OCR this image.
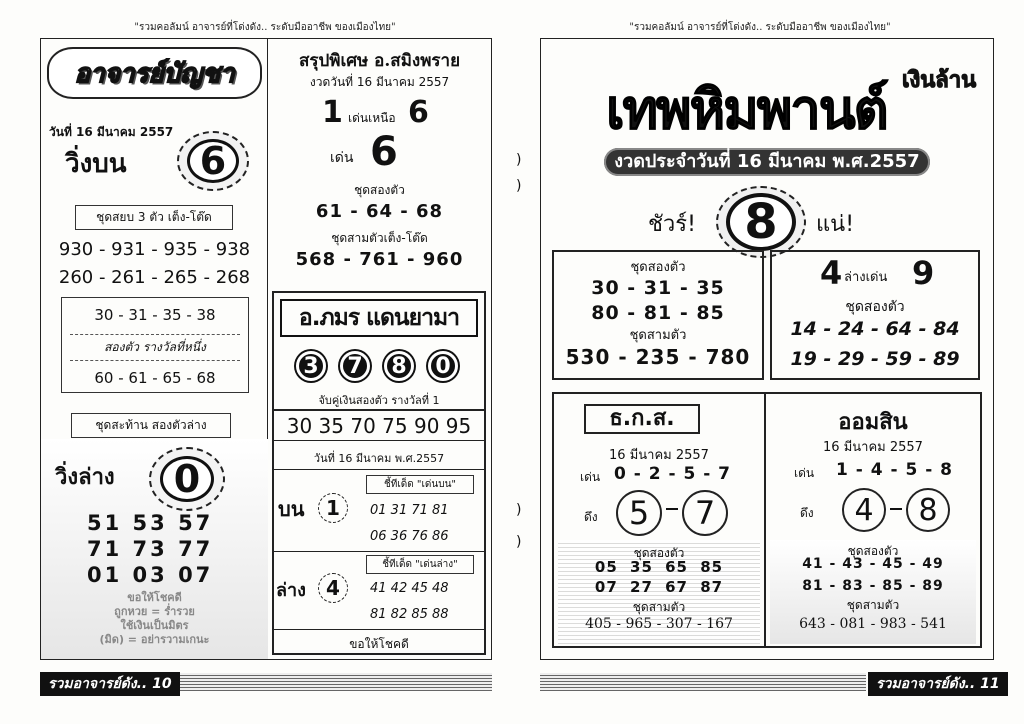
"รวมคอลัมน์ อาจารย์ที่โด่งดัง.. ระดับมืออาชีพ ของเมืองไทย"
อาจารย์บัญชา
วันที่ 16 มีนาคม 2557
วิ่งบน 6
ชุดสยบ 3 ตัว เต็ง-โต๊ด
930 - 931 - 935 - 938
260 - 261 - 265 - 268
30 - 31 - 35 - 38
สองตัว รางวัลที่หนึ่ง
60 - 61 - 65 - 68
ชุดสะท้าน สองตัวล่าง
วิ่งล่าง 0
51 53 57
71 73 77
01 03 07
ขอให้โชคดี
ถูกหวย = ร่ำรวย
ใช้เงินเป็นมิตร
(มิด) = อย่ารวามเกนะ
สรุปพิเศษ อ.สมิงพราย
งวดวันที่ 16 มีนาคม 2557
1 เด่นเหนือ 6
เด่น 6
ชุดสองตัว
61 - 64 - 68
ชุดสามตัวเต็ง-โต๊ด
568 - 761 - 960
อ.ภมร แดนยามา
3	7	8	0
จับคู่เงินสองตัว รางวัลที่ 1
30 35 70 75 90 95
วันที่ 16 มีนาคม พ.ศ.2557
บน 1
ชี้ทีเด็ด "เด่นบน"
01 31 71 81
06 36 76 86
ล่าง 4
ชี้ทีเด็ด "เด่นล่าง"
41 42 45 48
81 82 85 88
ขอให้โชคดี
รวมอาจารย์ดัง.. 10
)
)
)
)
"รวมคอลัมน์ อาจารย์ที่โด่งดัง.. ระดับมืออาชีพ ของเมืองไทย"
เงินล้าน
เทพหิมพานต์
งวดประจำวันที่ 16 มีนาคม พ.ศ.2557
ชัวร์! 8 แน่!
ชุดสองตัว
30 - 31 - 35
80 - 81 - 85
ชุดสามตัว
530 - 235 - 780
4 ล่างเด่น 9
ชุดสองตัว
14 - 24 - 64 - 84
19 - 29 - 59 - 89
ธ.ก.ส.
16 มีนาคม 2557
เด่น 0 - 2 - 5 - 7
ดึง 5 7
ชุดสองตัว
05 35 65 85
07 27 67 87
ชุดสามตัว
405 - 965 - 307 - 167
ออมสิน
16 มีนาคม 2557
เด่น 1 - 4 - 5 - 8
ดึง 4 8
ชุดสองตัว
41 - 43 - 45 - 49
81 - 83 - 85 - 89
ชุดสามตัว
643 - 081 - 983 - 541
รวมอาจารย์ดัง.. 11
